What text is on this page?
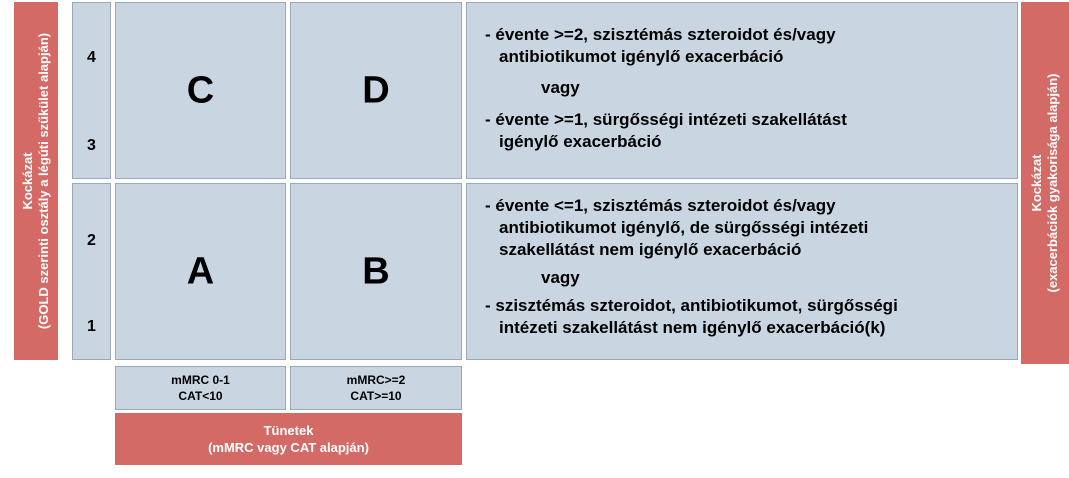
Kockázat (GOLD szerinti osztály a légúti szűkület alapján)	4
3
2
1
C	D
A	B
- évente >=2, szisztémás szteroidot és/vagy
antibiotikumot igénylő exacerbáció
vagy
- évente >=1, sürgősségi intézeti szakellátást
igénylő exacerbáció
- évente <=1, szisztémás szteroidot és/vagy
antibiotikumot igénylő, de sürgősségi intézeti
szakellátást nem igénylő exacerbáció
vagy
- szisztémás szteroidot, antibiotikumot, sürgősségi
intézeti szakellátást nem igénylő exacerbáció(k)
Kockázat (exacerbációk gyakorisága alapján)
mMRC 0-1
CAT<10
mMRC>=2
CAT>=10
Tünetek
(mMRC vagy CAT alapján)
